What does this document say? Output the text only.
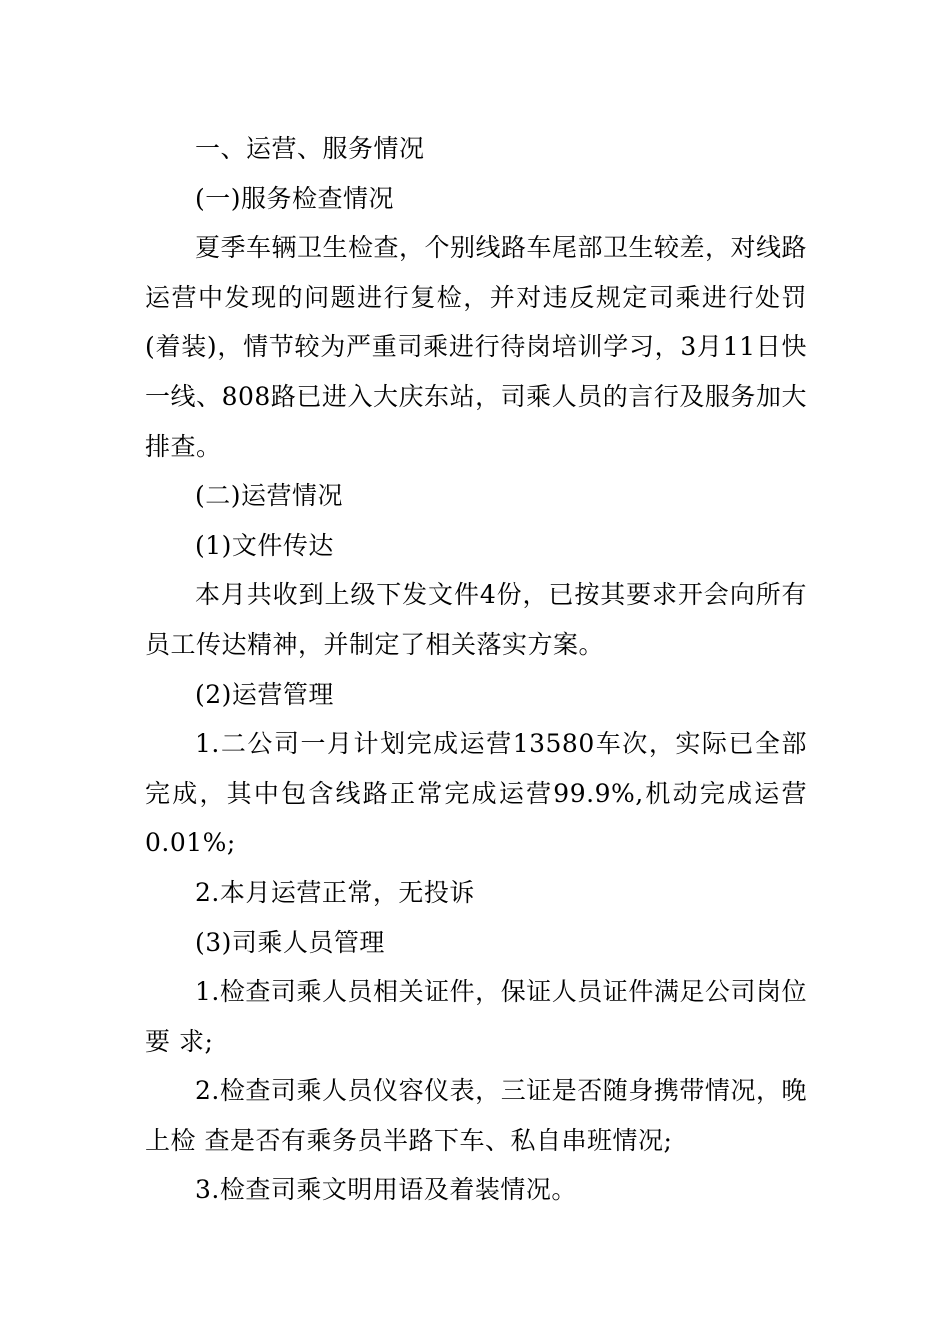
一、运营、服务情况

(一)服务检查情况

夏季车辆卫生检查，个别线路车尾部卫生较差，对线路运营中发现的问题进行复检，并对违反规定司乘进行处罚(着装)，情节较为严重司乘进行待岗培训学习，3月11日快一线、808路已进入大庆东站，司乘人员的言行及服务加大排查。

(二)运营情况

(1)文件传达

本月共收到上级下发文件4份，已按其要求开会向所有员工传达精神，并制定了相关落实方案。

(2)运营管理

1.二公司一月计划完成运营13580车次，实际已全部完成，其中包含线路正常完成运营99.9%,机动完成运营0.01%;

2.本月运营正常，无投诉

(3)司乘人员管理

1.检查司乘人员相关证件，保证人员证件满足公司岗位要 求;

2.检查司乘人员仪容仪表，三证是否随身携带情况，晚上检 查是否有乘务员半路下车、私自串班情况;

3.检查司乘文明用语及着装情况。
